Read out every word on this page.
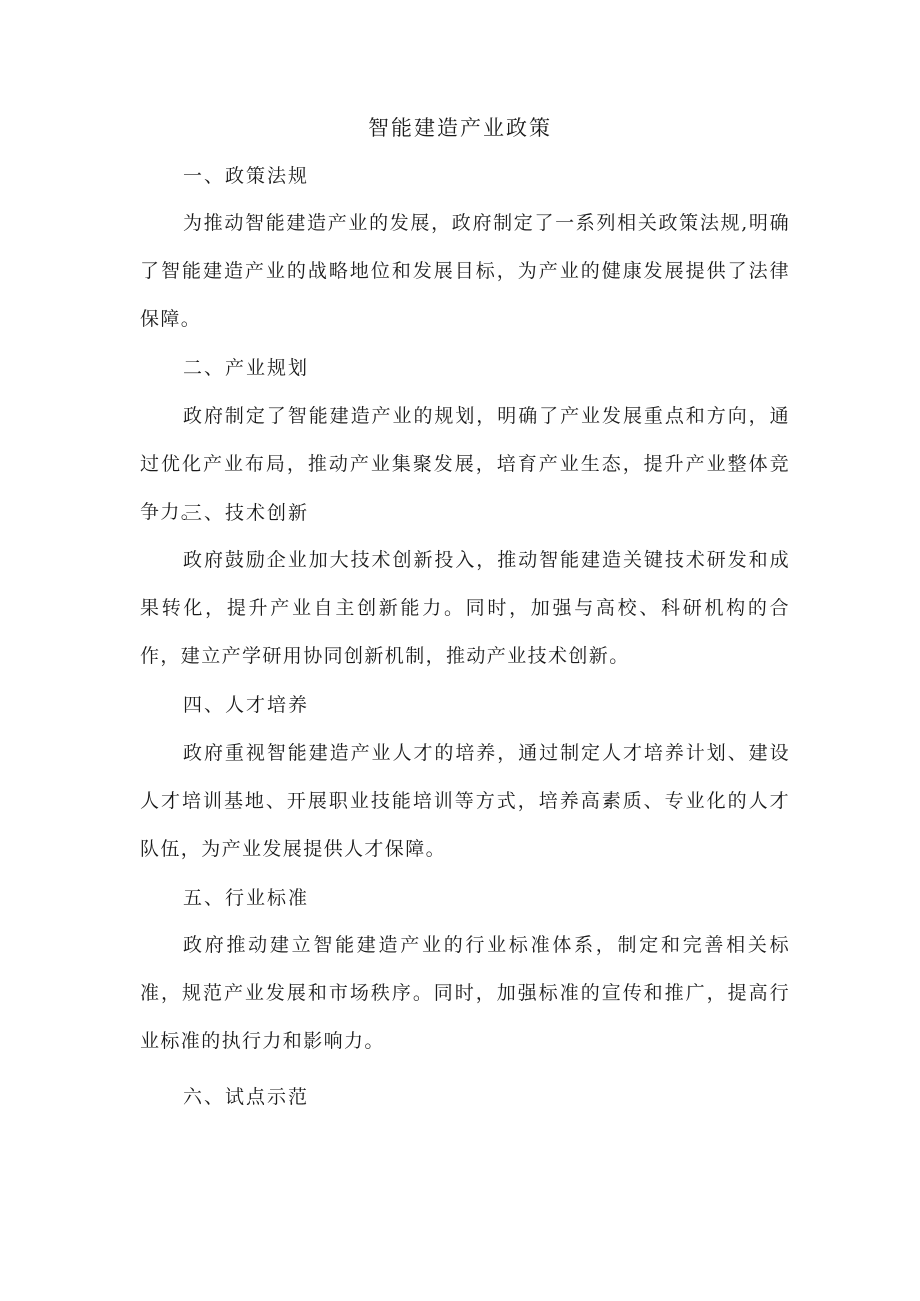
智能建造产业政策
一、政策法规

为推动智能建造产业的发展，政府制定了一系列相关政策法规,明确了智能建造产业的战略地位和发展目标，为产业的健康发展提供了法律保障。

二、产业规划

政府制定了智能建造产业的规划，明确了产业发展重点和方向，通过优化产业布局，推动产业集聚发展，培育产业生态，提升产业整体竞争力。

三、技术创新

政府鼓励企业加大技术创新投入，推动智能建造关键技术研发和成果转化，提升产业自主创新能力。同时，加强与高校、科研机构的合作，建立产学研用协同创新机制，推动产业技术创新。

四、人才培养

政府重视智能建造产业人才的培养，通过制定人才培养计划、建设人才培训基地、开展职业技能培训等方式，培养高素质、专业化的人才队伍，为产业发展提供人才保障。

五、行业标准

政府推动建立智能建造产业的行业标准体系，制定和完善相关标准，规范产业发展和市场秩序。同时，加强标准的宣传和推广，提高行业标准的执行力和影响力。

六、试点示范
